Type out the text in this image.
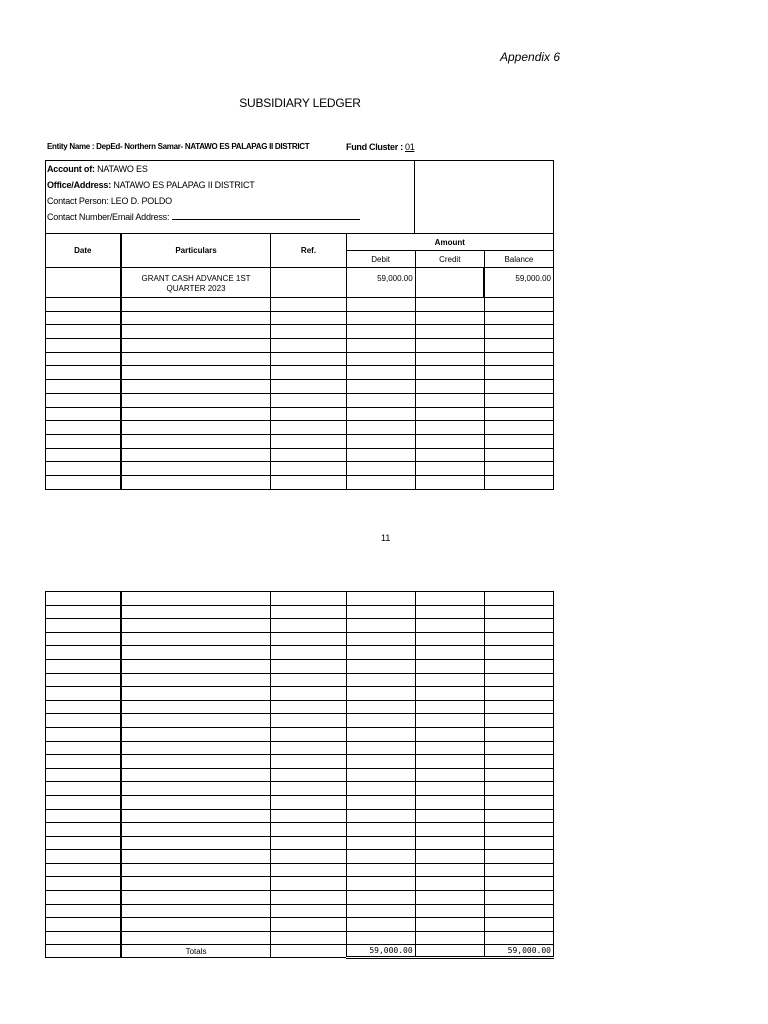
Appendix 6
SUBSIDIARY LEDGER
Entity Name : DepEd- Northern Samar- NATAWO ES PALAPAG II DISTRICT	Fund Cluster : 01
Account of: NATAWO ES
Office/Address: NATAWO ES PALAPAG II DISTRICT
Contact Person: LEO D. POLDO
Contact Number/Email Address:
Date	Particulars	Ref.	Amount		
			Debit	Credit	Balance
	GRANT CASH ADVANCE 1ST QUARTER 2023		59,000.00		59,000.00

11

	Totals		59,000.00		59,000.00
